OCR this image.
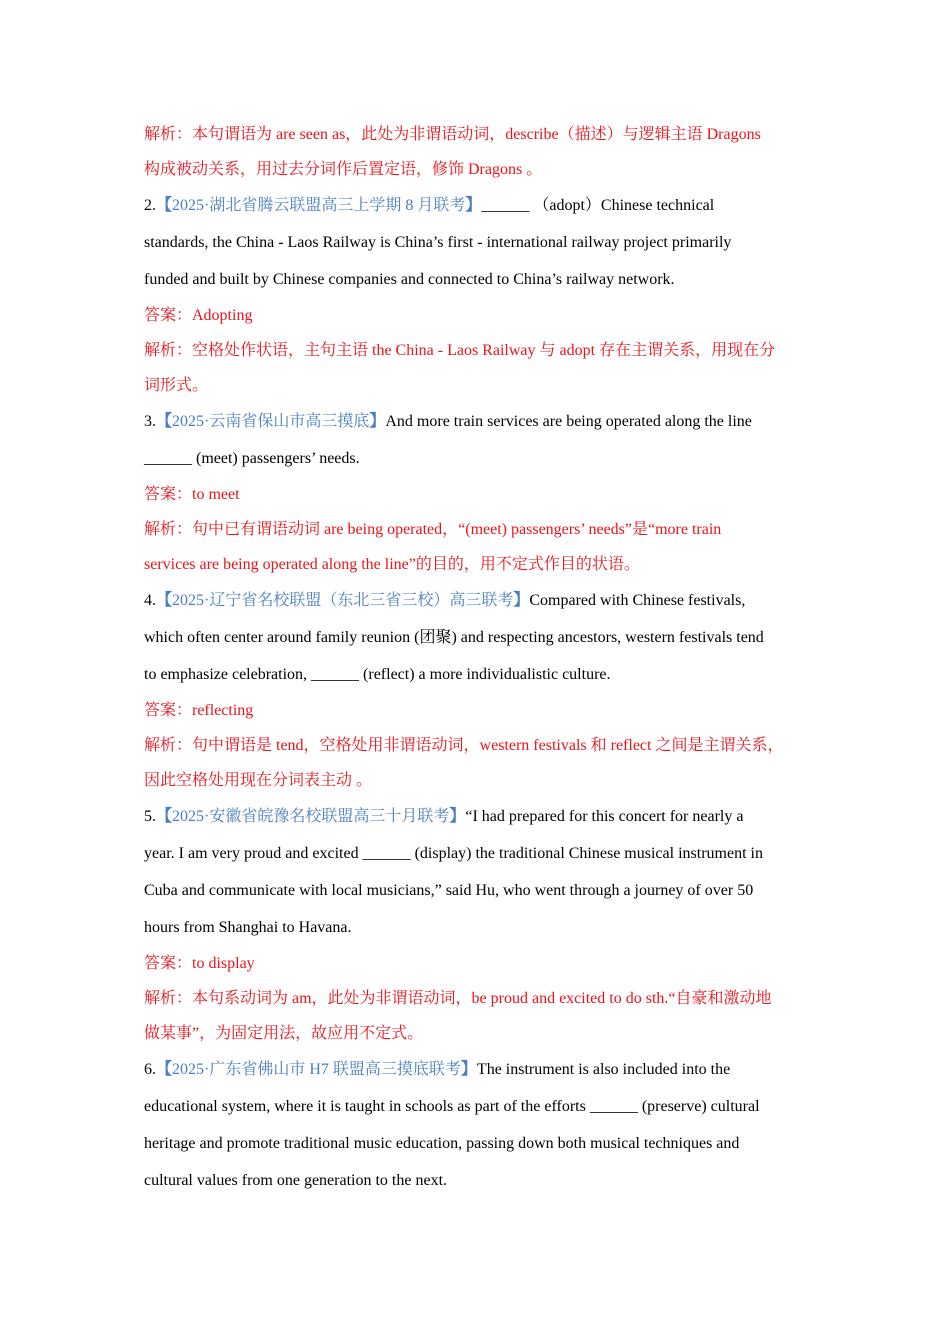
解析：本句谓语为 are seen as，此处为非谓语动词，describe（描述）与逻辑主语 Dragons
构成被动关系，用过去分词作后置定语，修饰 Dragons 。
2.【2025·湖北省腾云联盟高三上学期 8 月联考】______ （adopt）Chinese technical
standards, the China - Laos Railway is China’s first - international railway project primarily
funded and built by Chinese companies and connected to China’s railway network.
答案：Adopting
解析：空格处作状语，主句主语 the China - Laos Railway 与 adopt 存在主谓关系，用现在分
词形式。
3.【2025·云南省保山市高三摸底】And more train services are being operated along the line
______ (meet) passengers’ needs.
答案：to meet
解析：句中已有谓语动词 are being operated，“(meet) passengers’ needs”是“more train
services are being operated along the line”的目的，用不定式作目的状语。
4.【2025·辽宁省名校联盟（东北三省三校）高三联考】Compared with Chinese festivals,
which often center around family reunion (团聚) and respecting ancestors, western festivals tend
to emphasize celebration, ______ (reflect) a more individualistic culture.
答案：reflecting
解析：句中谓语是 tend，空格处用非谓语动词，western festivals 和 reflect 之间是主谓关系，
因此空格处用现在分词表主动 。
5.【2025·安徽省皖豫名校联盟高三十月联考】“I had prepared for this concert for nearly a
year. I am very proud and excited ______ (display) the traditional Chinese musical instrument in
Cuba and communicate with local musicians,” said Hu, who went through a journey of over 50
hours from Shanghai to Havana.
答案：to display
解析：本句系动词为 am，此处为非谓语动词，be proud and excited to do sth.“自豪和激动地
做某事”，为固定用法，故应用不定式。
6.【2025·广东省佛山市 H7 联盟高三摸底联考】The instrument is also included into the
educational system, where it is taught in schools as part of the efforts ______ (preserve) cultural
heritage and promote traditional music education, passing down both musical techniques and
cultural values from one generation to the next.
